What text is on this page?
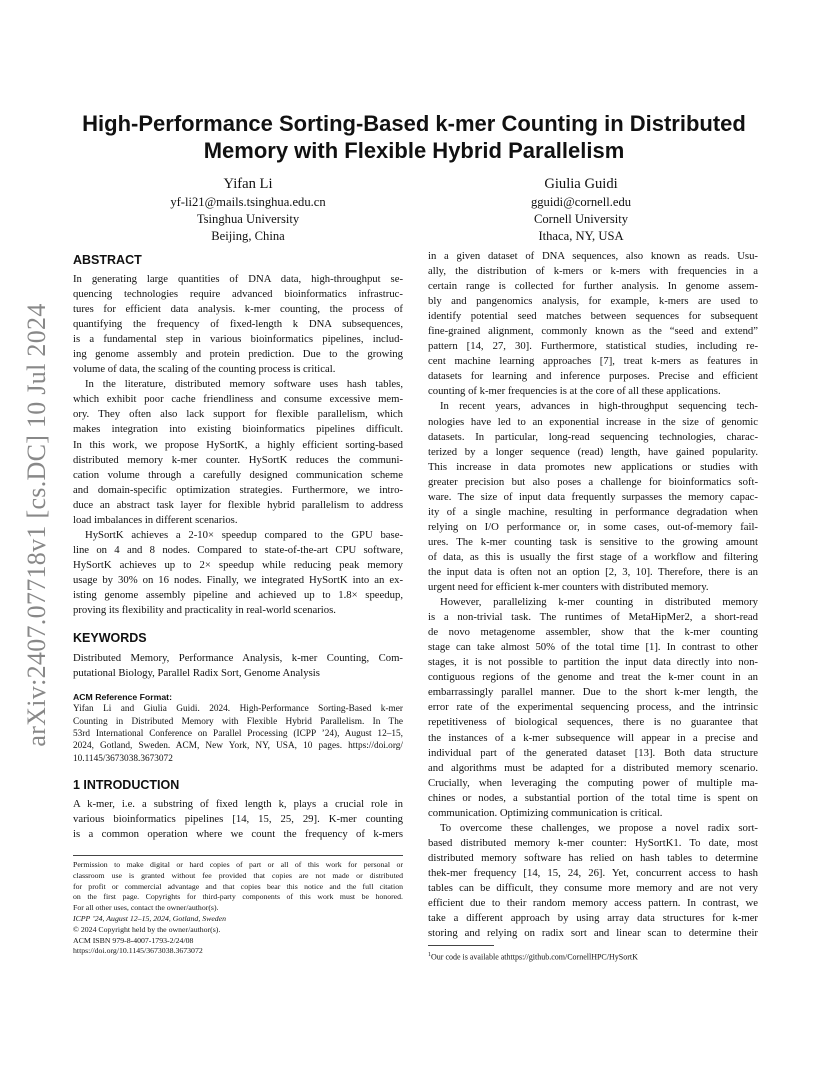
arXiv:2407.07718v1 [cs.DC] 10 Jul 2024
High-Performance Sorting-Based k-mer Counting in Distributed
Memory with Flexible Hybrid Parallelism
Yifan Li
yf-li21@mails.tsinghua.edu.cn
Tsinghua University
Beijing, China
Giulia Guidi
gguidi@cornell.edu
Cornell University
Ithaca, NY, USA
ABSTRACT
In generating large quantities of DNA data, high-throughput se-
quencing technologies require advanced bioinformatics infrastruc-
tures for efficient data analysis. k-mer counting, the process of
quantifying the frequency of fixed-length k DNA subsequences,
is a fundamental step in various bioinformatics pipelines, includ-
ing genome assembly and protein prediction. Due to the growing
volume of data, the scaling of the counting process is critical.
In the literature, distributed memory software uses hash tables,
which exhibit poor cache friendliness and consume excessive mem-
ory. They often also lack support for flexible parallelism, which
makes integration into existing bioinformatics pipelines difficult.
In this work, we propose HySortK, a highly efficient sorting-based
distributed memory k-mer counter. HySortK reduces the communi-
cation volume through a carefully designed communication scheme
and domain-specific optimization strategies. Furthermore, we intro-
duce an abstract task layer for flexible hybrid parallelism to address
load imbalances in different scenarios.
HySortK achieves a 2-10× speedup compared to the GPU base-
line on 4 and 8 nodes. Compared to state-of-the-art CPU software,
HySortK achieves up to 2× speedup while reducing peak memory
usage by 30% on 16 nodes. Finally, we integrated HySortK into an ex-
isting genome assembly pipeline and achieved up to 1.8× speedup,
proving its flexibility and practicality in real-world scenarios.
KEYWORDS
Distributed Memory, Performance Analysis, k-mer Counting, Com-
putational Biology, Parallel Radix Sort, Genome Analysis
ACM Reference Format:
Yifan Li and Giulia Guidi. 2024. High-Performance Sorting-Based k-mer
Counting in Distributed Memory with Flexible Hybrid Parallelism. In The
53rd International Conference on Parallel Processing (ICPP ’24), August 12–15,
2024, Gotland, Sweden. ACM, New York, NY, USA, 10 pages. https://doi.org/
10.1145/3673038.3673072
1 INTRODUCTION
A k-mer, i.e. a substring of fixed length k, plays a crucial role in
various bioinformatics pipelines [14, 15, 25, 29]. K-mer counting
is a common operation where we count the frequency of k-mers
Permission to make digital or hard copies of part or all of this work for personal or
classroom use is granted without fee provided that copies are not made or distributed
for profit or commercial advantage and that copies bear this notice and the full citation
on the first page. Copyrights for third-party components of this work must be honored.
For all other uses, contact the owner/author(s).
ICPP ’24, August 12–15, 2024, Gotland, Sweden
© 2024 Copyright held by the owner/author(s).
ACM ISBN 979-8-4007-1793-2/24/08
https://doi.org/10.1145/3673038.3673072
in a given dataset of DNA sequences, also known as reads. Usu-
ally, the distribution of k-mers or k-mers with frequencies in a
certain range is collected for further analysis. In genome assem-
bly and pangenomics analysis, for example, k-mers are used to
identify potential seed matches between sequences for subsequent
fine-grained alignment, commonly known as the “seed and extend”
pattern [14, 27, 30]. Furthermore, statistical studies, including re-
cent machine learning approaches [7], treat k-mers as features in
datasets for learning and inference purposes. Precise and efficient
counting of k-mer frequencies is at the core of all these applications.
In recent years, advances in high-throughput sequencing tech-
nologies have led to an exponential increase in the size of genomic
datasets. In particular, long-read sequencing technologies, charac-
terized by a longer sequence (read) length, have gained popularity.
This increase in data promotes new applications or studies with
greater precision but also poses a challenge for bioinformatics soft-
ware. The size of input data frequently surpasses the memory capac-
ity of a single machine, resulting in performance degradation when
relying on I/O performance or, in some cases, out-of-memory fail-
ures. The k-mer counting task is sensitive to the growing amount
of data, as this is usually the first stage of a workflow and filtering
the input data is often not an option [2, 3, 10]. Therefore, there is an
urgent need for efficient k-mer counters with distributed memory.
However, parallelizing k-mer counting in distributed memory
is a non-trivial task. The runtimes of MetaHipMer2, a short-read
de novo metagenome assembler, show that the k-mer counting
stage can take almost 50% of the total time [1]. In contrast to other
stages, it is not possible to partition the input data directly into non-
contiguous regions of the genome and treat the k-mer count in an
embarrassingly parallel manner. Due to the short k-mer length, the
error rate of the experimental sequencing process, and the intrinsic
repetitiveness of biological sequences, there is no guarantee that
the instances of a k-mer subsequence will appear in a precise and
individual part of the generated dataset [13]. Both data structure
and algorithms must be adapted for a distributed memory scenario.
Crucially, when leveraging the computing power of multiple ma-
chines or nodes, a substantial portion of the total time is spent on
communication. Optimizing communication is critical.
To overcome these challenges, we propose a novel radix sort-
based distributed memory k-mer counter: HySortK1. To date, most
distributed memory software has relied on hash tables to determine
thek-mer frequency [14, 15, 24, 26]. Yet, concurrent access to hash
tables can be difficult, they consume more memory and are not very
efficient due to their random memory access pattern. In contrast, we
take a different approach by using array data structures for k-mer
storing and relying on radix sort and linear scan to determine their
$^1$Our code is available athttps://github.com/CornellHPC/HySortK
